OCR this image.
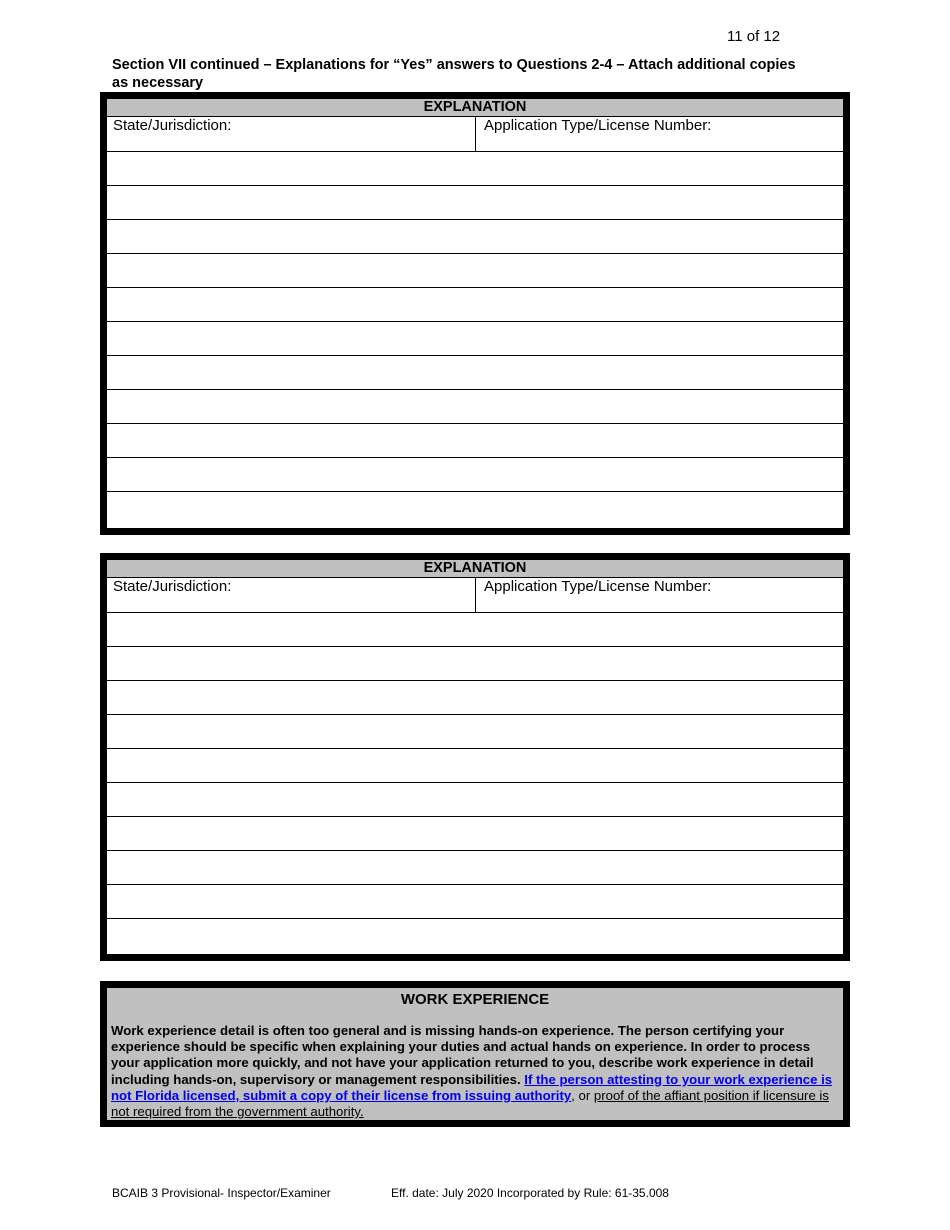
11 of 12
Section VII continued – Explanations for “Yes” answers to Questions 2-4 – Attach additional copies as necessary
EXPLANATION
State/Jurisdiction:	Application Type/License Number:
EXPLANATION
State/Jurisdiction:	Application Type/License Number:
WORK EXPERIENCE
Work experience detail is often too general and is missing hands-on experience. The person certifying your experience should be specific when explaining your duties and actual hands on experience. In order to process your application more quickly, and not have your application returned to you, describe work experience in detail including hands-on, supervisory or management responsibilities. If the person attesting to your work experience is not Florida licensed, submit a copy of their license from issuing authority, or proof of the affiant position if licensure is not required from the government authority.
BCAIB 3 Provisional- Inspector/Examiner	Eff. date: July 2020 Incorporated by Rule: 61-35.008
